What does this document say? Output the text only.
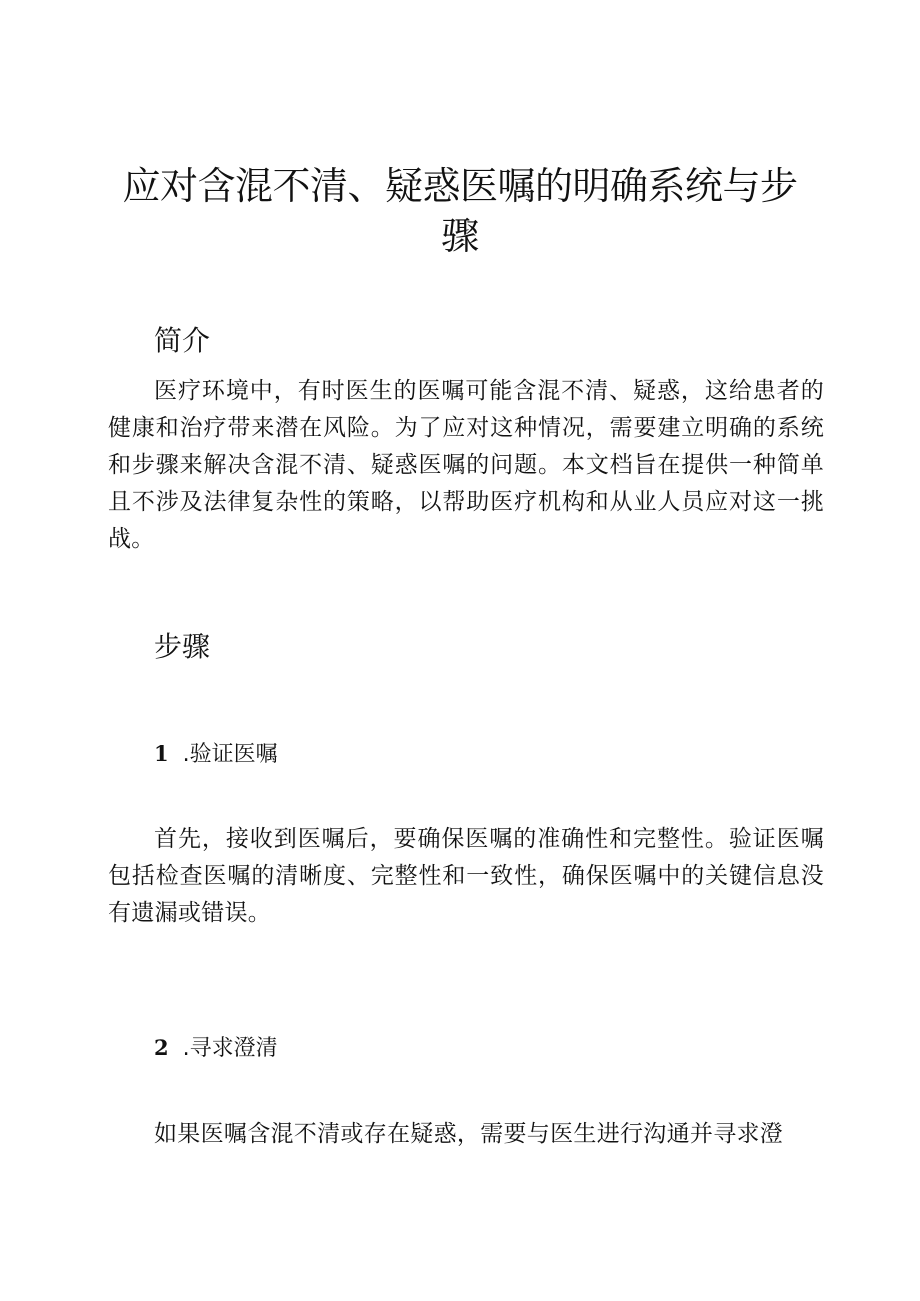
应对含混不清、疑惑医嘱的明确系统与步骤
简介

医疗环境中，有时医生的医嘱可能含混不清、疑惑，这给患者的健康和治疗带来潜在风险。为了应对这种情况，需要建立明确的系统和步骤来解决含混不清、疑惑医嘱的问题。本文档旨在提供一种简单且不涉及法律复杂性的策略，以帮助医疗机构和从业人员应对这一挑战。

步骤
1 .验证医嘱

首先，接收到医嘱后，要确保医嘱的准确性和完整性。验证医嘱包括检查医嘱的清晰度、完整性和一致性，确保医嘱中的关键信息没有遗漏或错误。

2 .寻求澄清

如果医嘱含混不清或存在疑惑，需要与医生进行沟通并寻求澄
